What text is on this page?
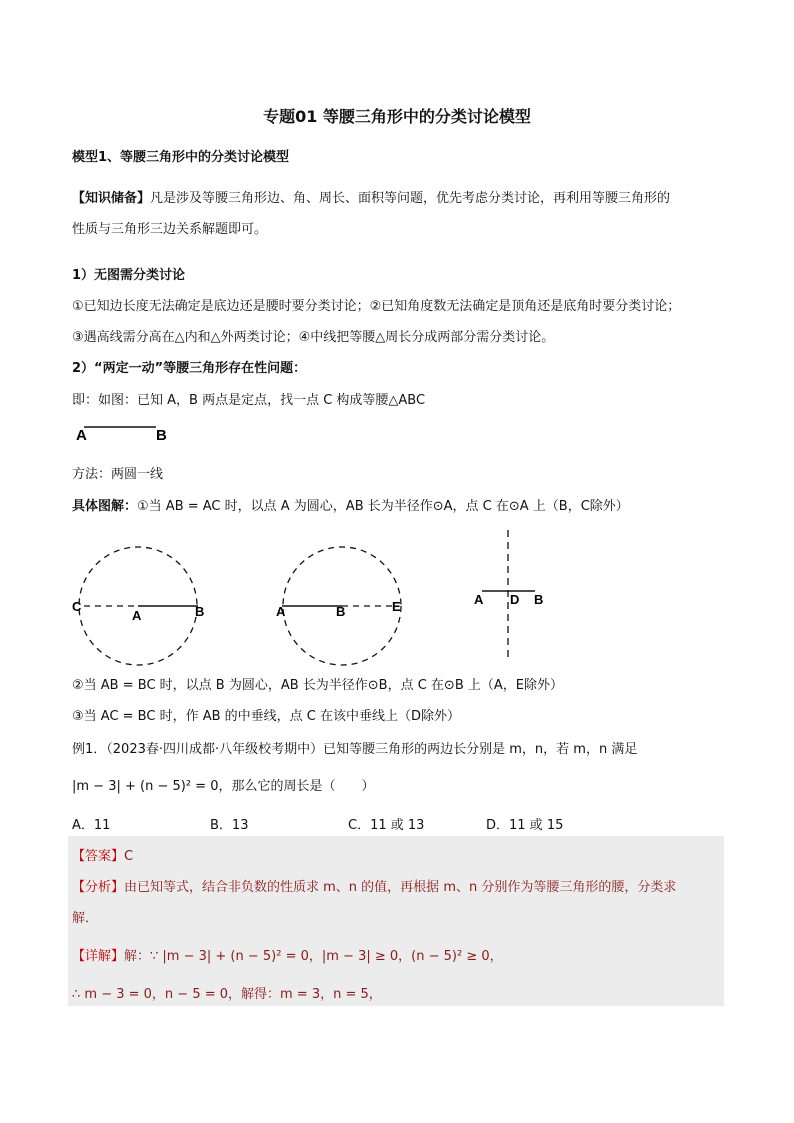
专题01 等腰三角形中的分类讨论模型
模型1、等腰三角形中的分类讨论模型
【知识储备】凡是涉及等腰三角形边、角、周长、面积等问题，优先考虑分类讨论，再利用等腰三角形的
性质与三角形三边关系解题即可。
1）无图需分类讨论
①已知边长度无法确定是底边还是腰时要分类讨论；②已知角度数无法确定是顶角还是底角时要分类讨论；
③遇高线需分高在△内和△外两类讨论；④中线把等腰△周长分成两部分需分类讨论。
2）“两定一动”等腰三角形存在性问题：
即：如图：已知 A，B 两点是定点，找一点 C 构成等腰△ABC
A	B
方法：两圆一线
具体图解：①当 AB = AC 时，以点 A 为圆心，AB 长为半径作⊙A，点 C 在⊙A 上（B，C除外）
C
A	B	A	B	E	A D B
②当 AB = BC 时，以点 B 为圆心，AB 长为半径作⊙B，点 C 在⊙B 上（A，E除外）
③当 AC = BC 时，作 AB 的中垂线，点 C 在该中垂线上（D除外）
例1．（2023春·四川成都·八年级校考期中）已知等腰三角形的两边长分别是 m，n，若 m，n 满足
|m − 3| + (n − 5)² = 0，那么它的周长是（　　）
A．11	B．13	C．11 或 13	D．11 或 15
【答案】C
【分析】由已知等式，结合非负数的性质求 m、n 的值，再根据 m、n 分别作为等腰三角形的腰，分类求
解．
【详解】解：∵ |m − 3| + (n − 5)² = 0，|m − 3| ≥ 0，(n − 5)² ≥ 0，
∴ m − 3 = 0，n − 5 = 0，解得：m = 3，n = 5，
